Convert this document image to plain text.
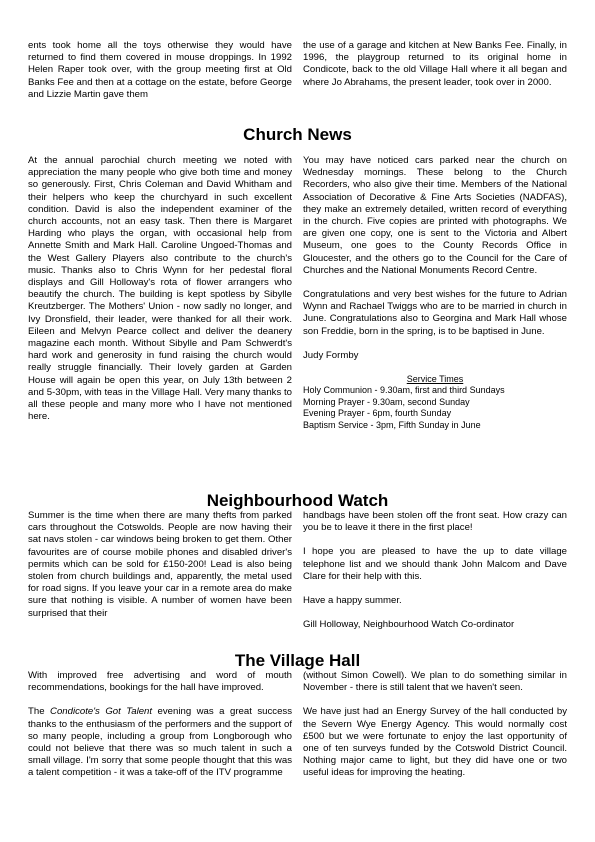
ents took home all the toys otherwise they would have returned to find them covered in mouse droppings. In 1992 Helen Raper took over, with the group meeting first at Old Banks Fee and then at a cottage on the estate, before George and Lizzie Martin gave them

the use of a garage and kitchen at New Banks Fee. Finally, in 1996, the playgroup returned to its original home in Condicote, back to the old Village Hall where it all began and where Jo Abrahams, the present leader, took over in 2000.

Church News

At the annual parochial church meeting we noted with appreciation the many people who give both time and money so generously. First, Chris Coleman and David Whitham and their helpers who keep the churchyard in such excellent condition. David is also the independent examiner of the church accounts, not an easy task. Then there is Margaret Harding who plays the organ, with occasional help from Annette Smith and Mark Hall. Caroline Ungoed-Thomas and the West Gallery Players also contribute to the church's music. Thanks also to Chris Wynn for her pedestal floral displays and Gill Holloway's rota of flower arrangers who beautify the church. The building is kept spotless by Sibylle Kreutzberger. The Mothers' Union - now sadly no longer, and Ivy Dronsfield, their leader, were thanked for all their work. Eileen and Melvyn Pearce collect and deliver the deanery magazine each month. Without Sibylle and Pam Schwerdt's hard work and generosity in fund raising the church would really struggle financially. Their lovely garden at Garden House will again be open this year, on July 13th between 2 and 5-30pm, with teas in the Village Hall. Very many thanks to all these people and many more who I have not mentioned here.

You may have noticed cars parked near the church on Wednesday mornings. These belong to the Church Recorders, who also give their time. Members of the National Association of Decorative & Fine Arts Societies (NADFAS), they make an extremely detailed, written record of everything in the church. Five copies are printed with photographs. We are given one copy, one is sent to the Victoria and Albert Museum, one goes to the County Records Office in Gloucester, and the others go to the Council for the Care of Churches and the National Monuments Record Centre.

Congratulations and very best wishes for the future to Adrian Wynn and Rachael Twiggs who are to be married in church in June. Congratulations also to Georgina and Mark Hall whose son Freddie, born in the spring, is to be baptised in June.

Judy Formby

Service Times
Holy Communion - 9.30am, first and third Sundays
Morning Prayer - 9.30am, second Sunday
Evening Prayer - 6pm, fourth Sunday
Baptism Service - 3pm, Fifth Sunday in June
Neighbourhood Watch

Summer is the time when there are many thefts from parked cars throughout the Cotswolds. People are now having their sat navs stolen - car windows being broken to get them. Other favourites are of course mobile phones and disabled driver's permits which can be sold for £150-200! Lead is also being stolen from church buildings and, apparently, the metal used for road signs. If you leave your car in a remote area do make sure that nothing is visible. A number of women have been surprised that their

handbags have been stolen off the front seat. How crazy can you be to leave it there in the first place!

I hope you are pleased to have the up to date village telephone list and we should thank John Malcom and Dave Clare for their help with this.

Have a happy summer.

Gill Holloway, Neighbourhood Watch Co-ordinator

The Village Hall

With improved free advertising and word of mouth recommendations, bookings for the hall have improved.

The Condicote's Got Talent evening was a great success thanks to the enthusiasm of the performers and the support of so many people, including a group from Longborough who could not believe that there was so much talent in such a small village. I'm sorry that some people thought that this was a talent competition - it was a take-off of the ITV programme

(without Simon Cowell). We plan to do something similar in November - there is still talent that we haven't seen.

We have just had an Energy Survey of the hall conducted by the Severn Wye Energy Agency. This would normally cost £500 but we were fortunate to enjoy the last opportunity of one of ten surveys funded by the Cotswold District Council. Nothing major came to light, but they did have one or two useful ideas for improving the heating.
